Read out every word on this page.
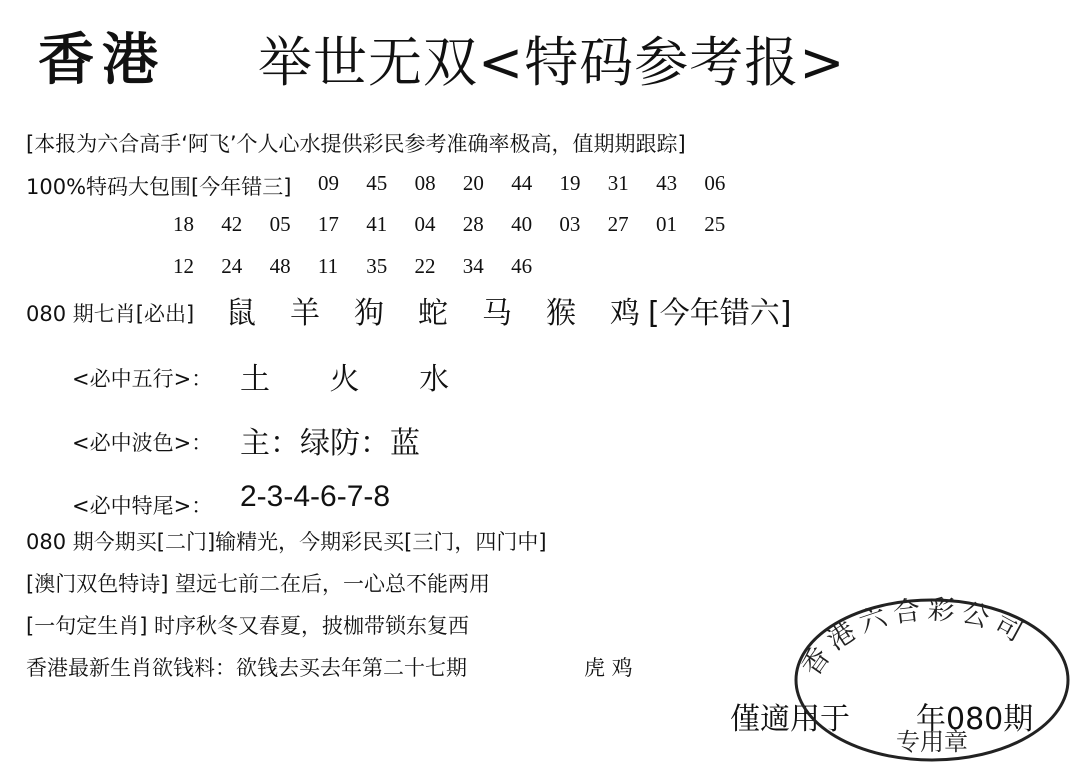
香港 举世无双<特码参考报>
[本报为六合高手‘阿飞’个人心水提供彩民参考准确率极高，值期期跟踪]
100%特码大包围[今年错三] 09	45	08	20	44	19	31	43	06
18	42	05	17	41	04	28	40	03	27	01	25
12	24	48	11	35	22	34	46
080 期七肖[必出] 鼠	羊	狗	蛇	马	猴	鸡 [今年错六]
<必中五行>： 土 火 水
<必中波色>： 主：绿防：蓝
<必中特尾>： 2-3-4-6-7-8
080 期今期买[二门]输精光，今期彩民买[三门，四门中]
[澳门双色特诗] 望远七前二在后，一心总不能两用
[一句定生肖] 时序秋冬又春夏，披枷带锁东复西
香港最新生肖欲钱料：欲钱去买去年第二十七期	虎 鸡
僅適用于 年080期
香港六合彩公司
专用章
